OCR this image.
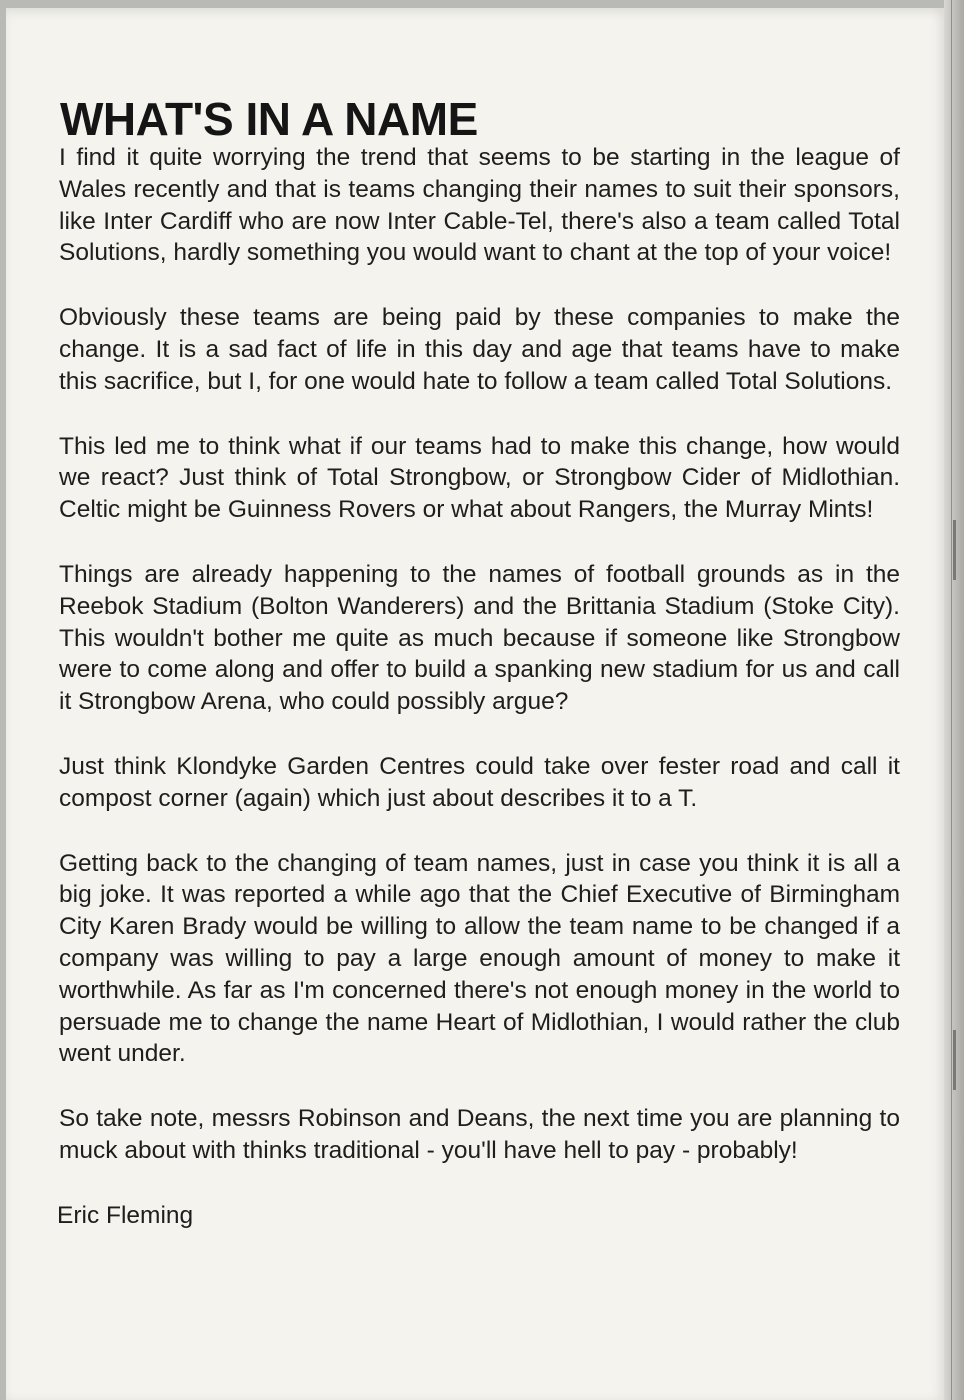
WHAT'S IN A NAME

I find it quite worrying the trend that seems to be starting in the league of Wales recently and that is teams changing their names to suit their sponsors, like Inter Cardiff who are now Inter Cable-Tel, there's also a team called Total Solutions, hardly something you would want to chant at the top of your voice!

Obviously these teams are being paid by these companies to make the change. It is a sad fact of life in this day and age that teams have to make this sacrifice, but I, for one would hate to follow a team called Total Solutions.

This led me to think what if our teams had to make this change, how would we react? Just think of Total Strongbow, or Strongbow Cider of Midlothian. Celtic might be Guinness Rovers or what about Rangers, the Murray Mints!

Things are already happening to the names of football grounds as in the Reebok Stadium (Bolton Wanderers) and the Brittania Stadium (Stoke City). This wouldn't bother me quite as much because if someone like Strongbow were to come along and offer to build a spanking new stadium for us and call it Strongbow Arena, who could possibly argue?

Just think Klondyke Garden Centres could take over fester road and call it compost corner (again) which just about describes it to a T.

Getting back to the changing of team names, just in case you think it is all a big joke. It was reported a while ago that the Chief Executive of Birmingham City Karen Brady would be willing to allow the team name to be changed if a company was willing to pay a large enough amount of money to make it worthwhile. As far as I'm concerned there's not enough money in the world to persuade me to change the name Heart of Midlothian, I would rather the club went under.

So take note, messrs Robinson and Deans, the next time you are planning to muck about with thinks traditional - you'll have hell to pay - probably!

Eric Fleming
